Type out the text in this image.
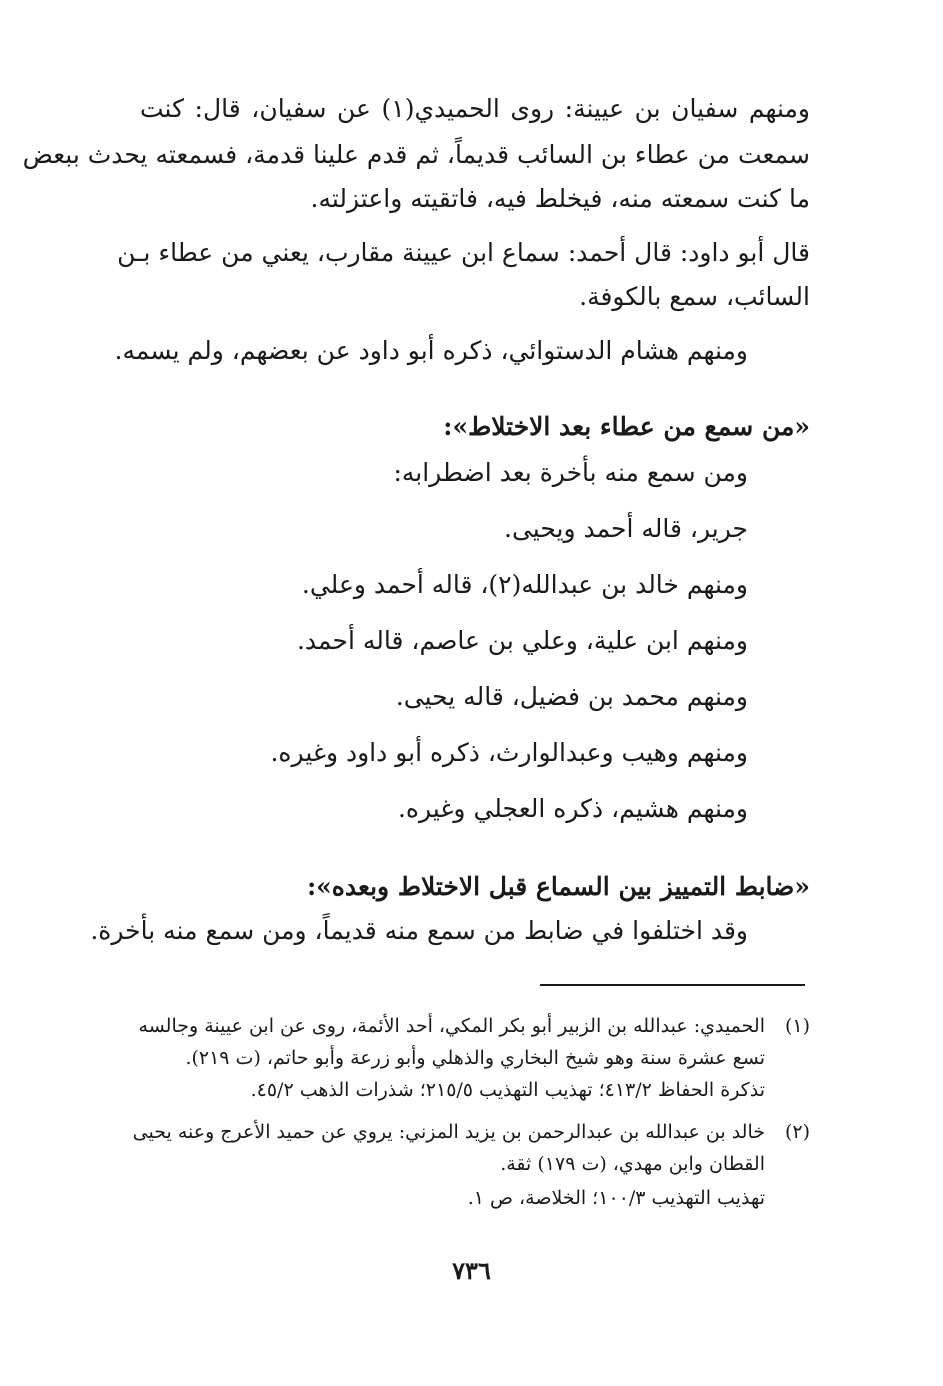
ومنهم سفيان بن عيينة: روى الحميدي(١) عن سفيان، قال: كنت
سمعت من عطاء بن السائب قديماً، ثم قدم علينا قدمة، فسمعته يحدث ببعض
ما كنت سمعته منه، فيخلط فيه، فاتقيته واعتزلته.
قال أبو داود: قال أحمد: سماع ابن عيينة مقارب، يعني من عطاء بـن
السائب، سمع بالكوفة.
ومنهم هشام الدستوائي، ذكره أبو داود عن بعضهم، ولم يسمه.
«من سمع من عطاء بعد الاختلاط»:
ومن سمع منه بأخرة بعد اضطرابه:
جرير، قاله أحمد ويحيى.
ومنهم خالد بن عبدالله(٢)، قاله أحمد وعلي.
ومنهم ابن علية، وعلي بن عاصم، قاله أحمد.
ومنهم محمد بن فضيل، قاله يحيى.
ومنهم وهيب وعبدالوارث، ذكره أبو داود وغيره.
ومنهم هشيم، ذكره العجلي وغيره.
«ضابط التمييز بين السماع قبل الاختلاط وبعده»:
وقد اختلفوا في ضابط من سمع منه قديماً، ومن سمع منه بأخرة.
(١)
الحميدي: عبدالله بن الزبير أبو بكر المكي، أحد الأئمة، روى عن ابن عيينة وجالسه
تسع عشرة سنة وهو شيخ البخاري والذهلي وأبو زرعة وأبو حاتم، (ت ٢١٩).
تذكرة الحفاظ ٤١٣/٢؛ تهذيب التهذيب ٢١٥/٥؛ شذرات الذهب ٤٥/٢.
(٢)
خالد بن عبدالله بن عبدالرحمن بن يزيد المزني: يروي عن حميد الأعرج وعنه يحيى
القطان وابن مهدي، (ت ١٧٩) ثقة.
تهذيب التهذيب ١٠٠/٣؛ الخلاصة، ص ١.
٧٣٦
